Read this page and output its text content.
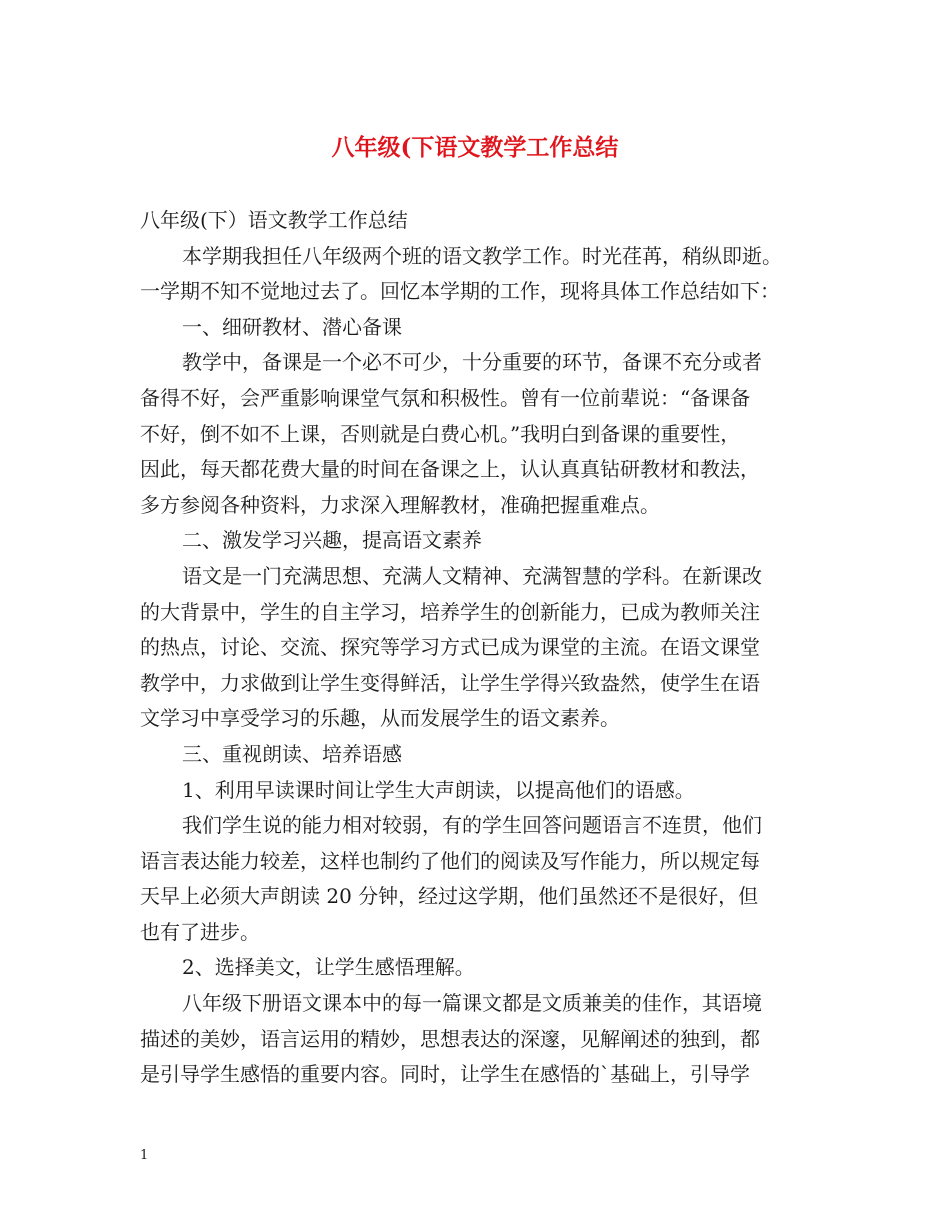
八年级(下语文教学工作总结
八年级(下）语文教学工作总结
本学期我担任八年级两个班的语文教学工作。时光荏苒，稍纵即逝。
一学期不知不觉地过去了。回忆本学期的工作，现将具体工作总结如下：
一、细研教材、潜心备课
教学中，备课是一个必不可少，十分重要的环节，备课不充分或者
备得不好，会严重影响课堂气氛和积极性。曾有一位前辈说：“备课备
不好，倒不如不上课，否则就是白费心机。”我明白到备课的重要性，
因此，每天都花费大量的时间在备课之上，认认真真钻研教材和教法，
多方参阅各种资料，力求深入理解教材，准确把握重难点。
二、激发学习兴趣，提高语文素养
语文是一门充满思想、充满人文精神、充满智慧的学科。在新课改
的大背景中，学生的自主学习，培养学生的创新能力，已成为教师关注
的热点，讨论、交流、探究等学习方式已成为课堂的主流。在语文课堂
教学中，力求做到让学生变得鲜活，让学生学得兴致盎然，使学生在语
文学习中享受学习的乐趣，从而发展学生的语文素养。
三、重视朗读、培养语感
1、利用早读课时间让学生大声朗读，以提高他们的语感。
我们学生说的能力相对较弱，有的学生回答问题语言不连贯，他们
语言表达能力较差，这样也制约了他们的阅读及写作能力，所以规定每
天早上必须大声朗读 20 分钟，经过这学期，他们虽然还不是很好，但
也有了进步。
2、选择美文，让学生感悟理解。
八年级下册语文课本中的每一篇课文都是文质兼美的佳作，其语境
描述的美妙，语言运用的精妙，思想表达的深邃，见解阐述的独到，都
是引导学生感悟的重要内容。同时，让学生在感悟的`基础上，引导学
1
